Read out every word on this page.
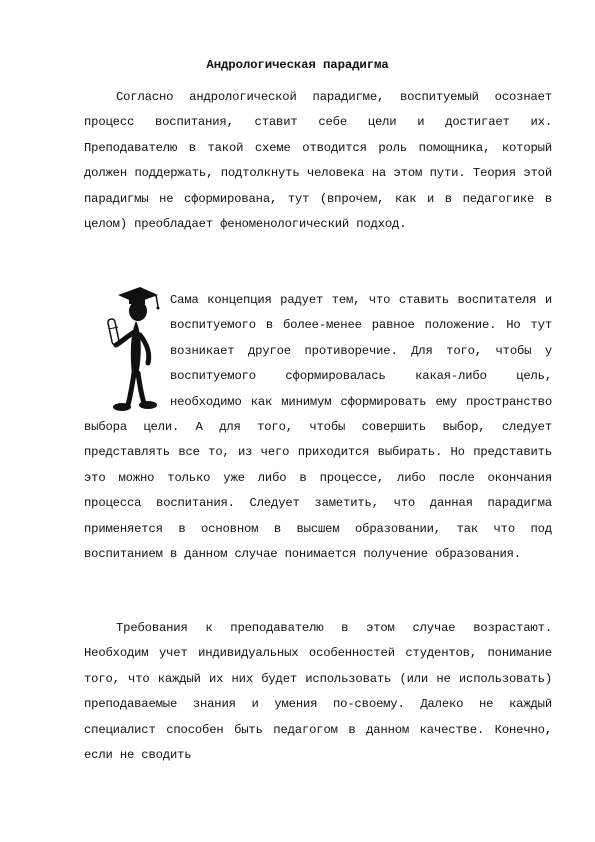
Андрологическая парадигма

Согласно андрологической парадигме, воспитуемый осознает процесс воспитания, ставит себе цели и достигает их. Преподавателю в такой схеме отводится роль помощника, который должен поддержать, подтолкнуть человека на этом пути. Теория этой парадигмы не сформирована, тут (впрочем, как и в педагогике в целом) преобладает феноменологический подход.

Сама концепция радует тем, что ставить воспитателя и воспитуемого в более-менее равное положение. Но тут возникает другое противоречие. Для того, чтобы у воспитуемого сформировалась какая-либо цель, необходимо как минимум сформировать ему пространство выбора цели. А для того, чтобы совершить выбор, следует представлять все то, из чего приходится выбирать. Но представить это можно только уже либо в процессе, либо после окончания процесса воспитания. Следует заметить, что данная парадигма применяется в основном в высшем образовании, так что под воспитанием в данном случае понимается получение образования.

Требования к преподавателю в этом случае возрастают. Необходим учет индивидуальных особенностей студентов, понимание того, что каждый их них будет использовать (или не использовать) преподаваемые знания и умения по-своему. Далеко не каждый специалист способен быть педагогом в данном качестве. Конечно, если не сводить
